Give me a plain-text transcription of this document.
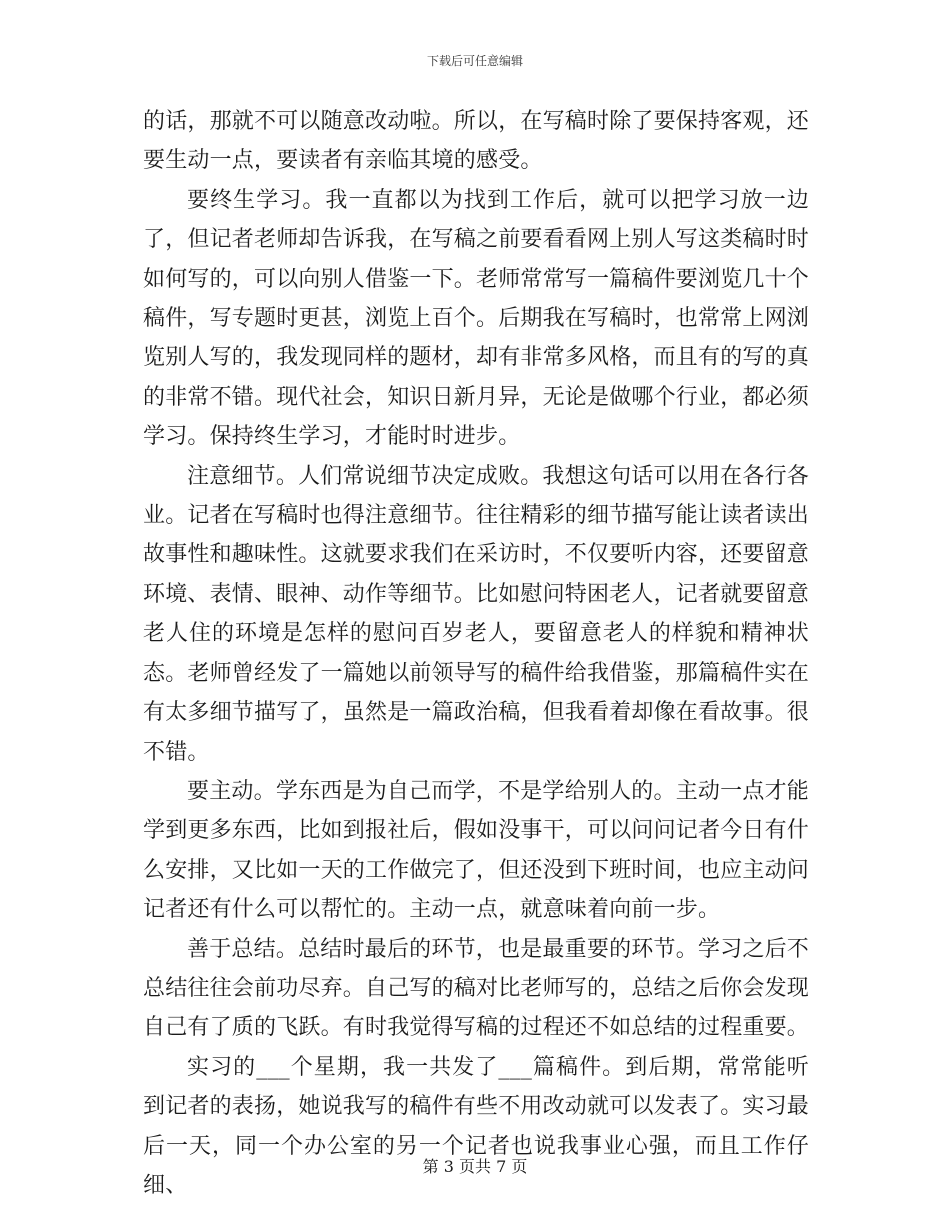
下载后可任意编辑

的话，那就不可以随意改动啦。所以，在写稿时除了要保持客观，还要生动一点，要读者有亲临其境的感受。

要终生学习。我一直都以为找到工作后，就可以把学习放一边了，但记者老师却告诉我，在写稿之前要看看网上别人写这类稿时时如何写的，可以向别人借鉴一下。老师常常写一篇稿件要浏览几十个稿件，写专题时更甚，浏览上百个。后期我在写稿时，也常常上网浏览别人写的，我发现同样的题材，却有非常多风格，而且有的写的真的非常不错。现代社会，知识日新月异，无论是做哪个行业，都必须学习。保持终生学习，才能时时进步。

注意细节。人们常说细节决定成败。我想这句话可以用在各行各业。记者在写稿时也得注意细节。往往精彩的细节描写能让读者读出故事性和趣味性。这就要求我们在采访时，不仅要听内容，还要留意环境、表情、眼神、动作等细节。比如慰问特困老人，记者就要留意老人住的环境是怎样的慰问百岁老人，要留意老人的样貌和精神状态。老师曾经发了一篇她以前领导写的稿件给我借鉴，那篇稿件实在有太多细节描写了，虽然是一篇政治稿，但我看着却像在看故事。很不错。

要主动。学东西是为自己而学，不是学给别人的。主动一点才能学到更多东西，比如到报社后，假如没事干，可以问问记者今日有什么安排，又比如一天的工作做完了，但还没到下班时间，也应主动问记者还有什么可以帮忙的。主动一点，就意味着向前一步。

善于总结。总结时最后的环节，也是最重要的环节。学习之后不总结往往会前功尽弃。自己写的稿对比老师写的，总结之后你会发现自己有了质的飞跃。有时我觉得写稿的过程还不如总结的过程重要。

实习的___个星期，我一共发了___篇稿件。到后期，常常能听到记者的表扬，她说我写的稿件有些不用改动就可以发表了。实习最后一天，同一个办公室的另一个记者也说我事业心强，而且工作仔细、

第 3 页共 7 页
